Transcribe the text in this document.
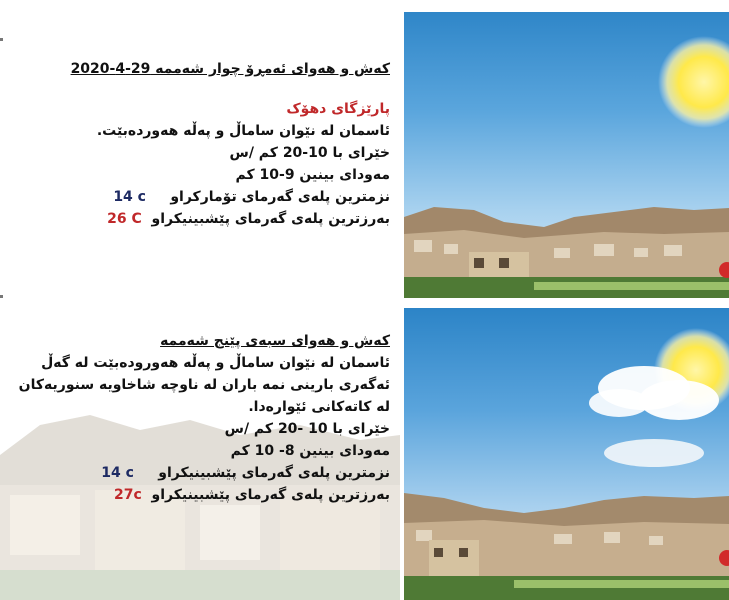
کەش و هەوای ئەمڕۆ چوار شەممە 29-4-2020
پارێزگای دهۆک
ئاسمان لە نێوان ساماڵ و پەڵە هەوردەبێت.
خێرای با 10-20 کم /س
مەودای بینین 9-10 کم
نزمترین پلەی گەرمای تۆمارکراو     14 c
بەرزترین پلەی گەرمای پێشبینیکراو  26 C
کەش و هەوای سبەی پێنج شەممە
ئاسمان لە نێوان ساماڵ و پەڵە هەورودەبێت لە گەڵ ئەگەری بارینی نمە باران لە ناوچە شاخاویە سنوریەکان لە کاتەکانی ئێوارەدا.
خێرای با 10 -20 کم /س
مەودای بینین 8- 10 کم
نزمترین پلەی گەرمای پێشبینیکراو     14 c
بەرزترین پلەی گەرمای پێشبینیکراو  27c
